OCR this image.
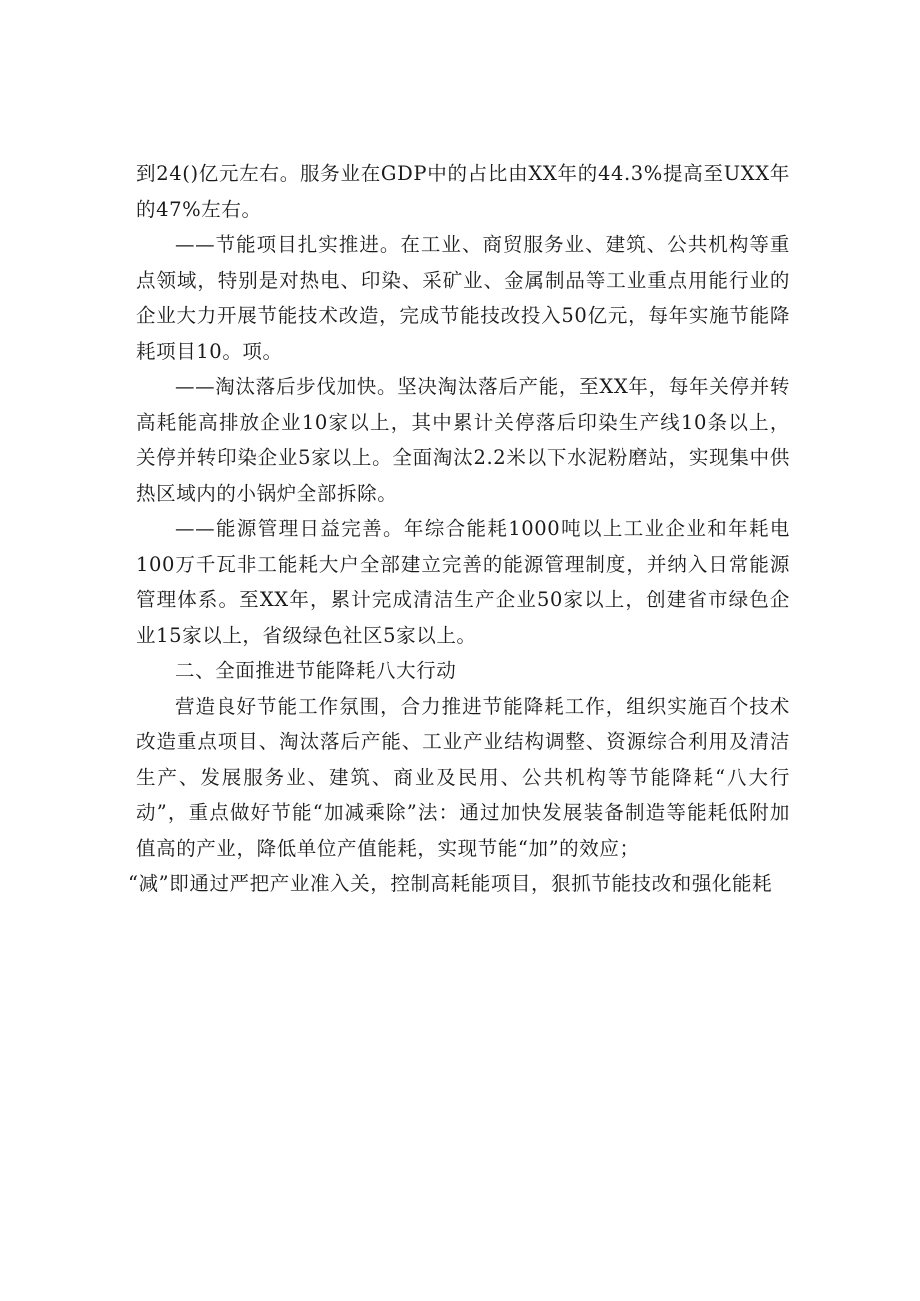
到24()亿元左右。服务业在GDP中的占比由XX年的44.3%提高至UXX年的47%左右。

——节能项目扎实推进。在工业、商贸服务业、建筑、公共机构等重点领域，特别是对热电、印染、采矿业、金属制品等工业重点用能行业的企业大力开展节能技术改造，完成节能技改投入50亿元，每年实施节能降耗项目10。项。

——淘汰落后步伐加快。坚决淘汰落后产能，至XX年，每年关停并转高耗能高排放企业10家以上，其中累计关停落后印染生产线10条以上，关停并转印染企业5家以上。全面淘汰2.2米以下水泥粉磨站，实现集中供热区域内的小锅炉全部拆除。

——能源管理日益完善。年综合能耗1000吨以上工业企业和年耗电100万千瓦非工能耗大户全部建立完善的能源管理制度，并纳入日常能源管理体系。至XX年，累计完成清洁生产企业50家以上，创建省市绿色企业15家以上，省级绿色社区5家以上。

二、全面推进节能降耗八大行动

营造良好节能工作氛围，合力推进节能降耗工作，组织实施百个技术改造重点项目、淘汰落后产能、工业产业结构调整、资源综合利用及清洁生产、发展服务业、建筑、商业及民用、公共机构等节能降耗“八大行动”，重点做好节能“加减乘除”法：通过加快发展装备制造等能耗低附加值高的产业，降低单位产值能耗，实现节能“加”的效应；

“减”即通过严把产业准入关，控制高耗能项目，狠抓节能技改和强化能耗
